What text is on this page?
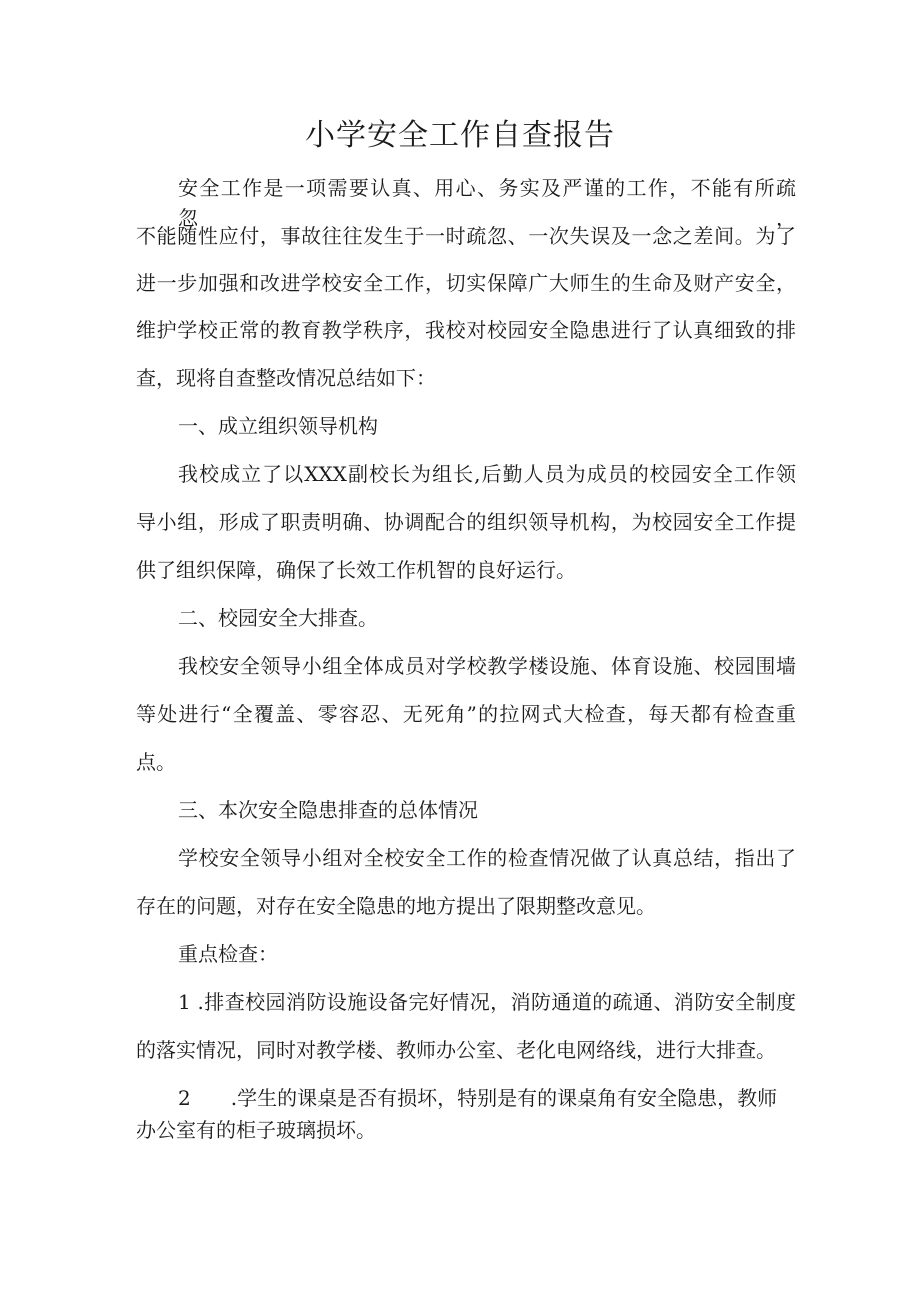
小学安全工作自查报告

安全工作是一项需要认真、用心、务实及严谨的工作，不能有所疏忽，

不能随性应付，事故往往发生于一时疏忽、一次失误及一念之差间。为了

进一步加强和改进学校安全工作，切实保障广大师生的生命及财产安全，

维护学校正常的教育教学秩序，我校对校园安全隐患进行了认真细致的排

查，现将自查整改情况总结如下：

一、成立组织领导机构

我校成立了以XXX副校长为组长,后勤人员为成员的校园安全工作领

导小组，形成了职责明确、协调配合的组织领导机构，为校园安全工作提

供了组织保障，确保了长效工作机智的良好运行。

二、校园安全大排查。

我校安全领导小组全体成员对学校教学楼设施、体育设施、校园围墙

等处进行“全覆盖、零容忍、无死角”的拉网式大检查，每天都有检查重

点。

三、本次安全隐患排查的总体情况

学校安全领导小组对全校安全工作的检查情况做了认真总结，指出了

存在的问题，对存在安全隐患的地方提出了限期整改意见。

重点检查：

1 .排查校园消防设施设备完好情况，消防通道的疏通、消防安全制度

的落实情况，同时对教学楼、教师办公室、老化电网络线，进行大排查。

2 .学生的课桌是否有损坏，特别是有的课桌角有安全隐患，教师

办公室有的柜子玻璃损坏。
